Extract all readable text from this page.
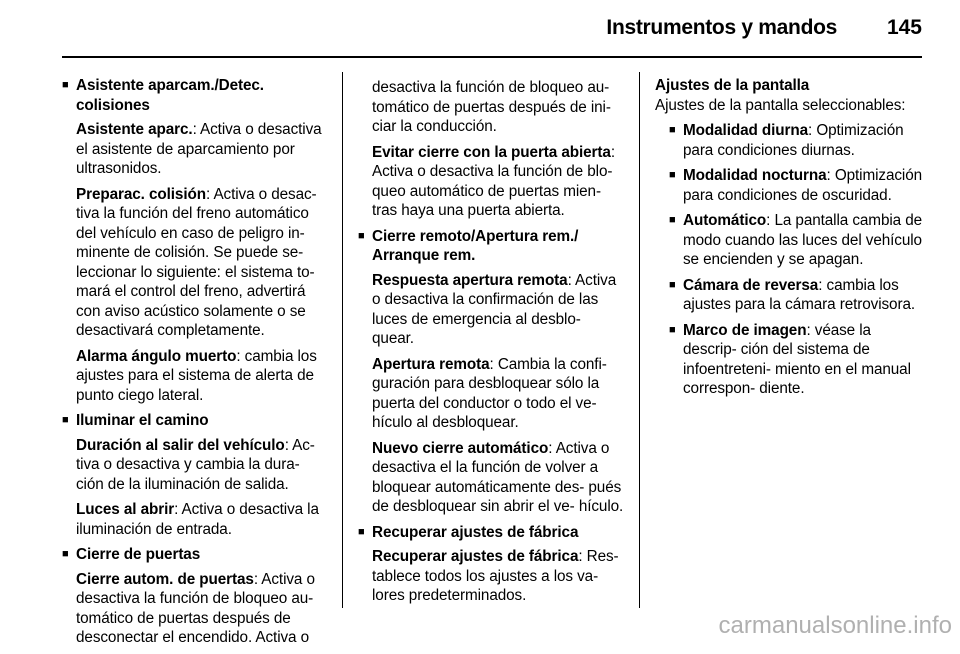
Instrumentos y mandos 145
■ Asistente aparcam./Detec.
colisiones
Asistente aparc.: Activa o desactiva el asistente de aparcamiento por ultrasonidos.
Preparac. colisión: Activa o desac- tiva la función del freno automático del vehículo en caso de peligro in- minente de colisión. Se puede se- leccionar lo siguiente: el sistema to- mará el control del freno, advertirá con aviso acústico solamente o se desactivará completamente.
Alarma ángulo muerto: cambia los ajustes para el sistema de alerta de punto ciego lateral.
■ Iluminar el camino
Duración al salir del vehículo: Ac- tiva o desactiva y cambia la dura- ción de la iluminación de salida.
Luces al abrir: Activa o desactiva la iluminación de entrada.
■ Cierre de puertas
Cierre autom. de puertas: Activa o desactiva la función de bloqueo au- tomático de puertas después de desconectar el encendido. Activa o
desactiva la función de bloqueo au- tomático de puertas después de ini- ciar la conducción.
Evitar cierre con la puerta abierta: Activa o desactiva la función de blo- queo automático de puertas mien- tras haya una puerta abierta.
■ Cierre remoto/Apertura rem./
Arranque rem.
Respuesta apertura remota: Activa o desactiva la confirmación de las luces de emergencia al desblo- quear.
Apertura remota: Cambia la confi- guración para desbloquear sólo la puerta del conductor o todo el ve- hículo al desbloquear.
Nuevo cierre automático: Activa o desactiva el la función de volver a bloquear automáticamente des- pués de desbloquear sin abrir el ve- hículo.
■ Recuperar ajustes de fábrica
Recuperar ajustes de fábrica: Res- tablece todos los ajustes a los va- lores predeterminados.
Ajustes de la pantalla
Ajustes de la pantalla seleccionables:
■ Modalidad diurna: Optimización para condiciones diurnas.
■ Modalidad nocturna: Optimización para condiciones de oscuridad.
■ Automático: La pantalla cambia de modo cuando las luces del vehículo se encienden y se apagan.
■ Cámara de reversa: cambia los ajustes para la cámara retrovisora.
■ Marco de imagen: véase la descrip- ción del sistema de infoentreteni- miento en el manual correspon- diente.
carmanualsonline.info
